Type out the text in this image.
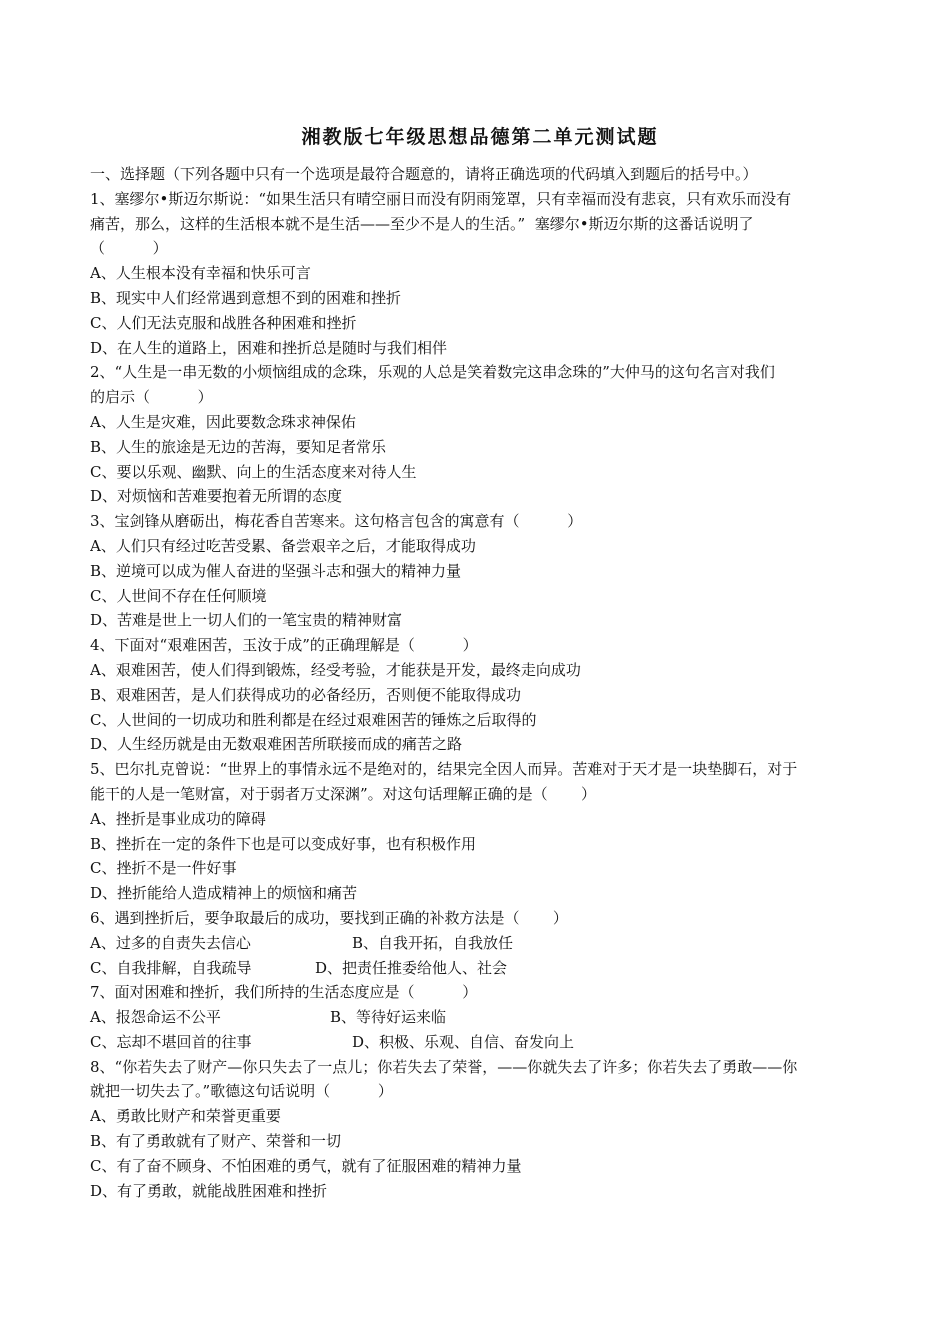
湘教版七年级思想品德第二单元测试题
一、选择题（下列各题中只有一个选项是最符合题意的，请将正确选项的代码填入到题后的括号中。）
1、塞缪尔•斯迈尔斯说：“如果生活只有晴空丽日而没有阴雨笼罩，只有幸福而没有悲哀，只有欢乐而没有
痛苦，那么，这样的生活根本就不是生活——至少不是人的生活。”  塞缪尔•斯迈尔斯的这番话说明了
（          ）
A、人生根本没有幸福和快乐可言
B、现实中人们经常遇到意想不到的困难和挫折
C、人们无法克服和战胜各种困难和挫折
D、在人生的道路上，困难和挫折总是随时与我们相伴
2、“人生是一串无数的小烦恼组成的念珠，乐观的人总是笑着数完这串念珠的”大仲马的这句名言对我们
的启示（          ）
A、人生是灾难，因此要数念珠求神保佑
B、人生的旅途是无边的苦海，要知足者常乐
C、要以乐观、幽默、向上的生活态度来对待人生
D、对烦恼和苦难要抱着无所谓的态度
3、宝剑锋从磨砺出，梅花香自苦寒来。这句格言包含的寓意有（          ）
A、人们只有经过吃苦受累、备尝艰辛之后，才能取得成功
B、逆境可以成为催人奋进的坚强斗志和强大的精神力量
C、人世间不存在任何顺境
D、苦难是世上一切人们的一笔宝贵的精神财富
4、下面对“艰难困苦，玉汝于成”的正确理解是（          ）
A、艰难困苦，使人们得到锻炼，经受考验，才能获是开发，最终走向成功
B、艰难困苦，是人们获得成功的必备经历，否则便不能取得成功
C、人世间的一切成功和胜利都是在经过艰难困苦的锤炼之后取得的
D、人生经历就是由无数艰难困苦所联接而成的痛苦之路
5、巴尔扎克曾说：“世界上的事情永远不是绝对的，结果完全因人而异。苦难对于天才是一块垫脚石，对于
能干的人是一笔财富，对于弱者万丈深渊”。对这句话理解正确的是（       ）
A、挫折是事业成功的障碍
B、挫折在一定的条件下也是可以变成好事，也有积极作用
C、挫折不是一件好事
D、挫折能给人造成精神上的烦恼和痛苦
6、遇到挫折后，要争取最后的成功，要找到正确的补救方法是（       ）
A、过多的自责失去信心	B、自我开拓，自我放任
C、自我排解，自我疏导	D、把责任推委给他人、社会
7、面对困难和挫折，我们所持的生活态度应是（          ）
A、报怨命运不公平	B、等待好运来临
C、忘却不堪回首的往事	D、积极、乐观、自信、奋发向上
8、“你若失去了财产—你只失去了一点儿；你若失去了荣誉，——你就失去了许多；你若失去了勇敢——你
就把一切失去了。”歌德这句话说明（          ）
A、勇敢比财产和荣誉更重要
B、有了勇敢就有了财产、荣誉和一切
C、有了奋不顾身、不怕困难的勇气，就有了征服困难的精神力量
D、有了勇敢，就能战胜困难和挫折
